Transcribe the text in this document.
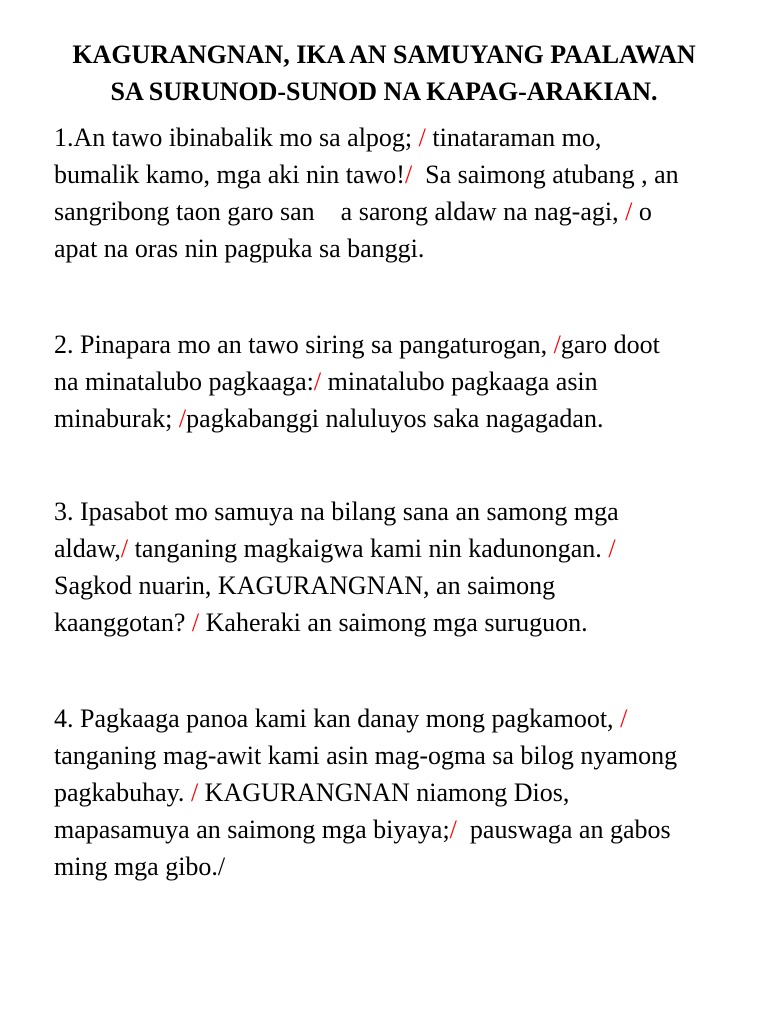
KAGURANGNAN, IKA AN SAMUYANG PAALAWAN
SA SURUNOD-SUNOD NA KAPAG-ARAKIAN.

1.An tawo ibinabalik mo sa alpog; / tinataraman mo,
bumalik kamo, mga aki nin tawo!/  Sa saimong atubang , an
sangribong taon garo san    a sarong aldaw na nag-agi, / o
apat na oras nin pagpuka sa banggi.

2. Pinapara mo an tawo siring sa pangaturogan, /garo doot
na minatalubo pagkaaga:/ minatalubo pagkaaga asin
minaburak; /pagkabanggi naluluyos saka nagagadan.

3. Ipasabot mo samuya na bilang sana an samong mga
aldaw,/ tanganing magkaigwa kami nin kadunongan. /
Sagkod nuarin, KAGURANGNAN, an saimong
kaanggotan? / Kaheraki an saimong mga suruguon.

4. Pagkaaga panoa kami kan danay mong pagkamoot, /
tanganing mag-awit kami asin mag-ogma sa bilog nyamong
pagkabuhay. / KAGURANGNAN niamong Dios,
mapasamuya an saimong mga biyaya;/  pauswaga an gabos
ming mga gibo./
